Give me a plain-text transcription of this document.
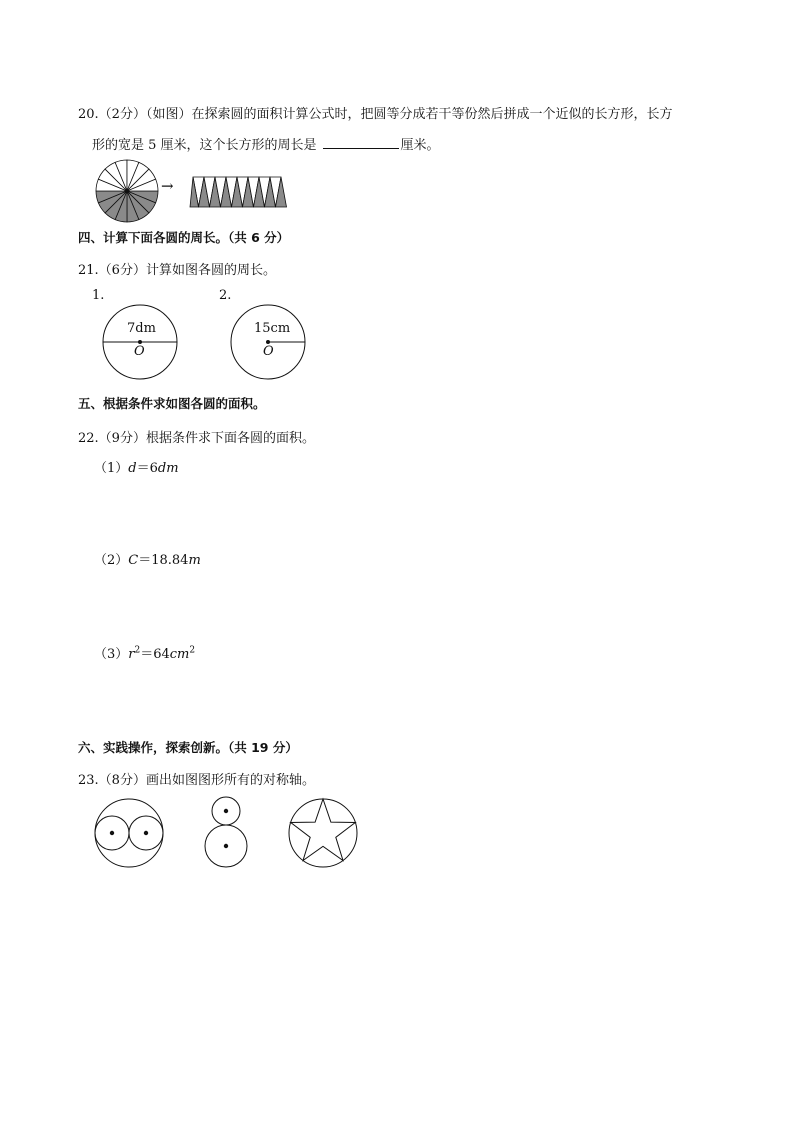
20.（2分）（如图）在探索圆的面积计算公式时，把圆等分成若干等份然后拼成一个近似的长方形，长方
形的宽是 5 厘米，这个长方形的周长是	厘米。
→
四、计算下面各圆的周长。（共 6 分）
21.（6分）计算如图各圆的周长。
1.	2.
7dm
O
15cm
O
五、根据条件求如图各圆的面积。
22.（9分）根据条件求下面各圆的面积。
（1）d＝6dm
（2）C＝18.84m
$(3)r^2=64cm^2$
六、实践操作，探索创新。（共 19 分）
23.（8分）画出如图图形所有的对称轴。
